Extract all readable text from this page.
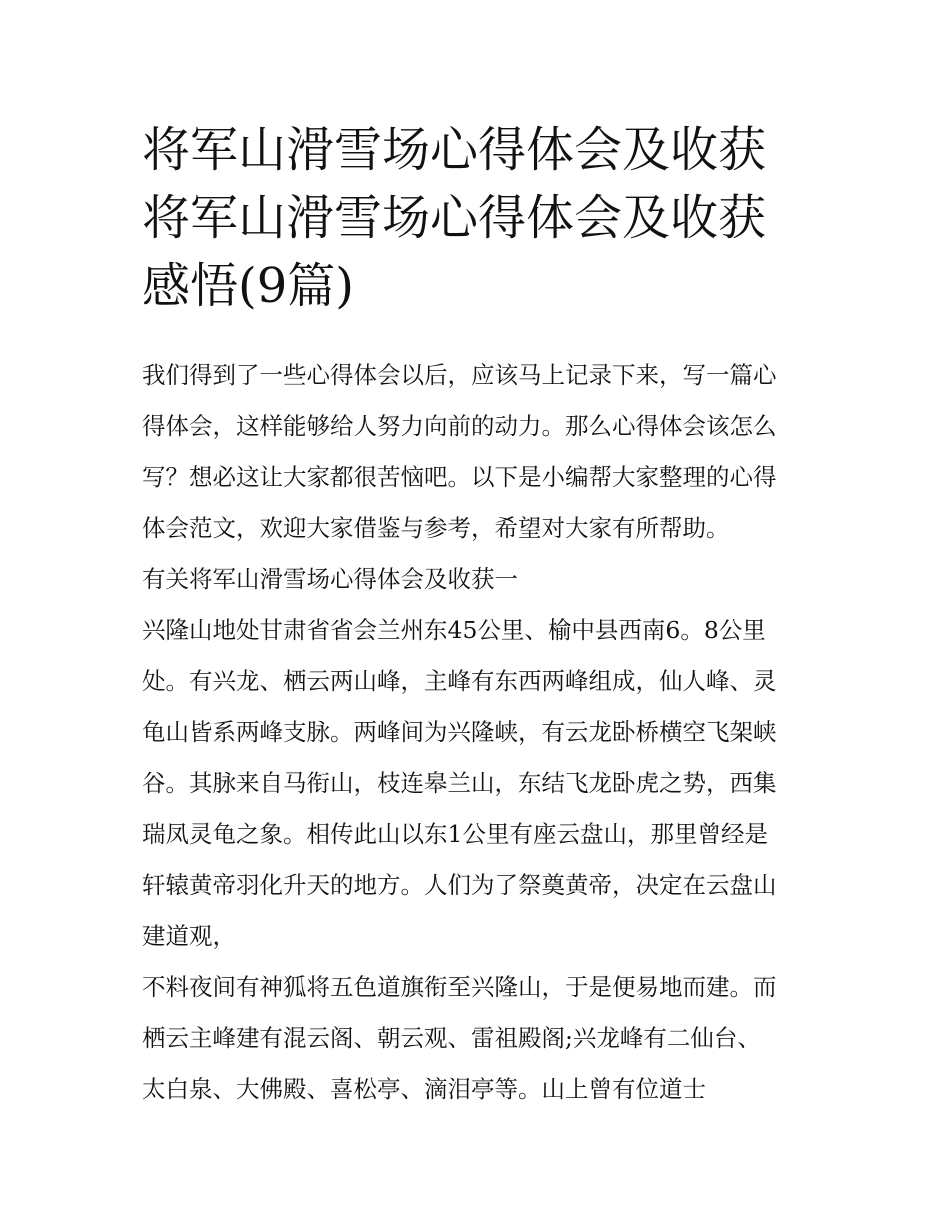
将军山滑雪场心得体会及收获
将军山滑雪场心得体会及收获
感悟(9篇)

我们得到了一些心得体会以后，应该马上记录下来，写一篇心
得体会，这样能够给人努力向前的动力。那么心得体会该怎么
写？想必这让大家都很苦恼吧。以下是小编帮大家整理的心得
体会范文，欢迎大家借鉴与参考，希望对大家有所帮助。

有关将军山滑雪场心得体会及收获一

兴隆山地处甘肃省省会兰州东45公里、榆中县西南6。8公里
处。有兴龙、栖云两山峰，主峰有东西两峰组成，仙人峰、灵
龟山皆系两峰支脉。两峰间为兴隆峡，有云龙卧桥横空飞架峡
谷。其脉来自马衔山，枝连皋兰山，东结飞龙卧虎之势，西集
瑞凤灵龟之象。相传此山以东1公里有座云盘山，那里曾经是
轩辕黄帝羽化升天的地方。人们为了祭奠黄帝，决定在云盘山
建道观，

不料夜间有神狐将五色道旗衔至兴隆山，于是便易地而建。而
栖云主峰建有混云阁、朝云观、雷祖殿阁;兴龙峰有二仙台、
太白泉、大佛殿、喜松亭、滴泪亭等。山上曾有位道士
